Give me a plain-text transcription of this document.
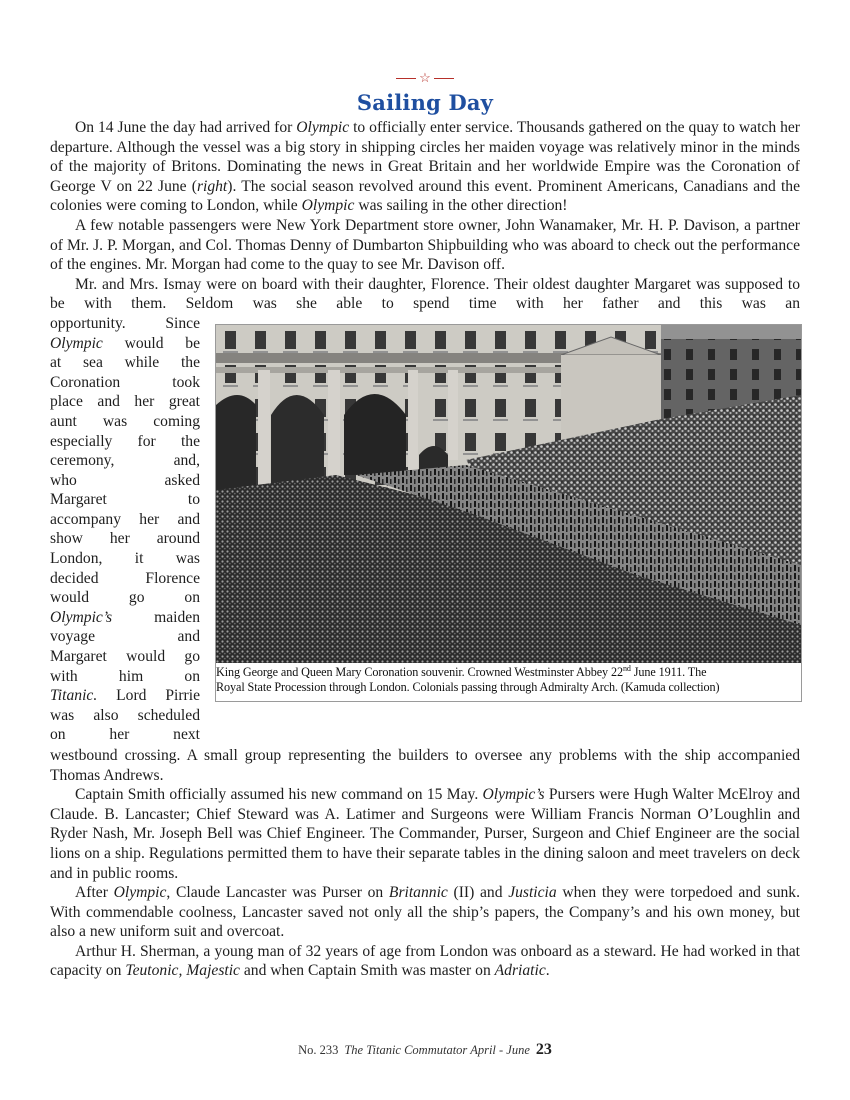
☆
Sailing Day

On 14 June the day had arrived for Olympic to officially enter service. Thousands gathered on the quay to watch her departure. Although the vessel was a big story in shipping circles her maiden voyage was relatively minor in the minds of the majority of Britons. Dominating the news in Great Britain and her worldwide Empire was the Coronation of George V on 22 June (right). The social season revolved around this event. Prominent Americans, Canadians and the colonies were coming to London, while Olympic was sailing in the other direction!

A few notable passengers were New York Department store owner, John Wanamaker, Mr. H. P. Davison, a partner of Mr. J. P. Morgan, and Col. Thomas Denny of Dumbarton Shipbuilding who was aboard to check out the performance of the engines. Mr. Morgan had come to the quay to see Mr. Davison off.

Mr. and Mrs. Ismay were on board with their daughter, Florence. Their oldest daughter Margaret was supposed to be with them. Seldom was she able to spend time with her father and this was an

opportunity. Since
Olympic would be
at sea while the
Coronation took
place and her great
aunt was coming
especially for the
ceremony, and,
who asked
Margaret to
accompany her and
show her around
London, it was
decided Florence
would go on
Olympic’s maiden
voyage and
Margaret would go
with him on
Titanic. Lord Pirrie
was also scheduled
on her next
King George and Queen Mary Coronation souvenir. Crowned Westminster Abbey 22nd June 1911. The
Royal State Procession through London. Colonials passing through Admiralty Arch. (Kamuda collection)

westbound crossing. A small group representing the builders to oversee any problems with the ship accompanied Thomas Andrews.

Captain Smith officially assumed his new command on 15 May. Olympic’s Pursers were Hugh Walter McElroy and Claude. B. Lancaster; Chief Steward was A. Latimer and Surgeons were William Francis Norman O’Loughlin and Ryder Nash, Mr. Joseph Bell was Chief Engineer. The Commander, Purser, Surgeon and Chief Engineer are the social lions on a ship. Regulations permitted them to have their separate tables in the dining saloon and meet travelers on deck and in public rooms.

After Olympic, Claude Lancaster was Purser on Britannic (II) and Justicia when they were torpedoed and sunk. With commendable coolness, Lancaster saved not only all the ship’s papers, the Company’s and his own money, but also a new uniform suit and overcoat.

Arthur H. Sherman, a young man of 32 years of age from London was onboard as a steward. He had worked in that capacity on Teutonic, Majestic and when Captain Smith was master on Adriatic.

No. 233 The Titanic Commutator April - June 23
